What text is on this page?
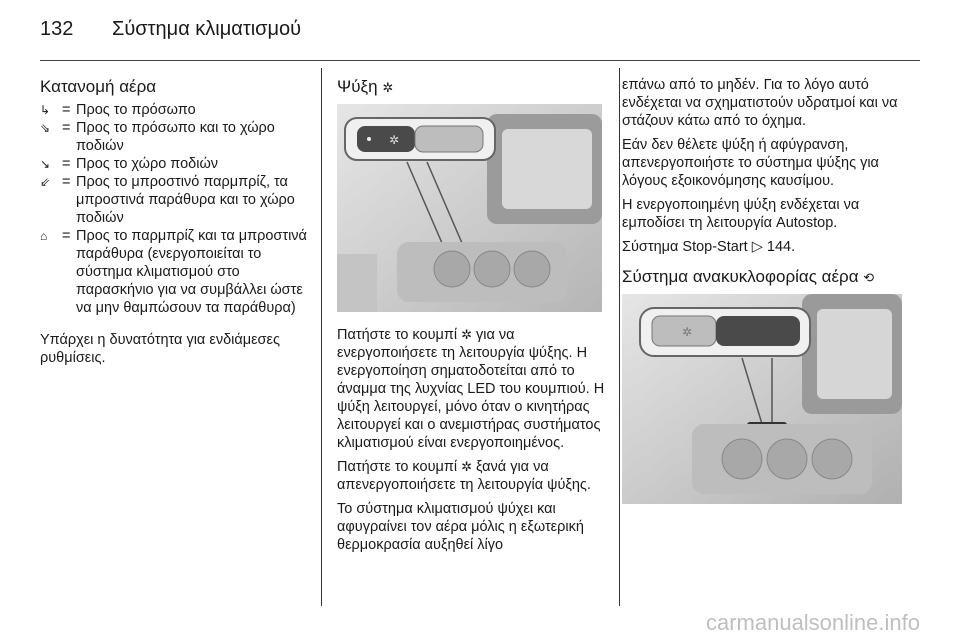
132 Σύστημα κλιματισμού
Κατανομή αέρα
↳ = Προς το πρόσωπο
⇘ = Προς το πρόσωπο και το χώρο ποδιών
↘ = Προς το χώρο ποδιών
⇙ = Προς το μπροστινό παρμπρίζ, τα μπροστινά παράθυρα και το χώρο ποδιών
⌂	= Προς το παρμπρίζ και τα μπροστινά παράθυρα (ενεργοποιείται το σύστημα κλιματισμού στο παρασκήνιο για να συμβάλλει ώστε να μην θαμπώσουν τα παράθυρα)

Υπάρχει η δυνατότητα για ενδιάμεσες ρυθμίσεις.

Ψύξη ✲
✲

Πατήστε το κουμπί ✲ για να ενεργοποιήσετε τη λειτουργία ψύξης. Η ενεργοποίηση σηματοδοτείται από το άναμμα της λυχνίας LED του κουμπιού. Η ψύξη λειτουργεί, μόνο όταν ο κινητήρας λειτουργεί και ο ανεμιστήρας συστήματος κλιματισμού είναι ενεργοποιημένος.

Πατήστε το κουμπί ✲ ξανά για να απενεργοποιήσετε τη λειτουργία ψύξης.

Το σύστημα κλιματισμού ψύχει και αφυγραίνει τον αέρα μόλις η εξωτερική θερμοκρασία αυξηθεί λίγο

επάνω από το μηδέν. Για το λόγο αυτό ενδέχεται να σχηματιστούν υδρατμοί και να στάζουν κάτω από το όχημα.

Εάν δεν θέλετε ψύξη ή αφύγρανση, απενεργοποιήστε το σύστημα ψύξης για λόγους εξοικονόμησης καυσίμου.

Η ενεργοποιημένη ψύξη ενδέχεται να εμποδίσει τη λειτουργία Autostop.

Σύστημα Stop-Start ▷ 144.

Σύστημα ανακυκλοφορίας αέρα ⟲
✲
carmanualsonline.info
